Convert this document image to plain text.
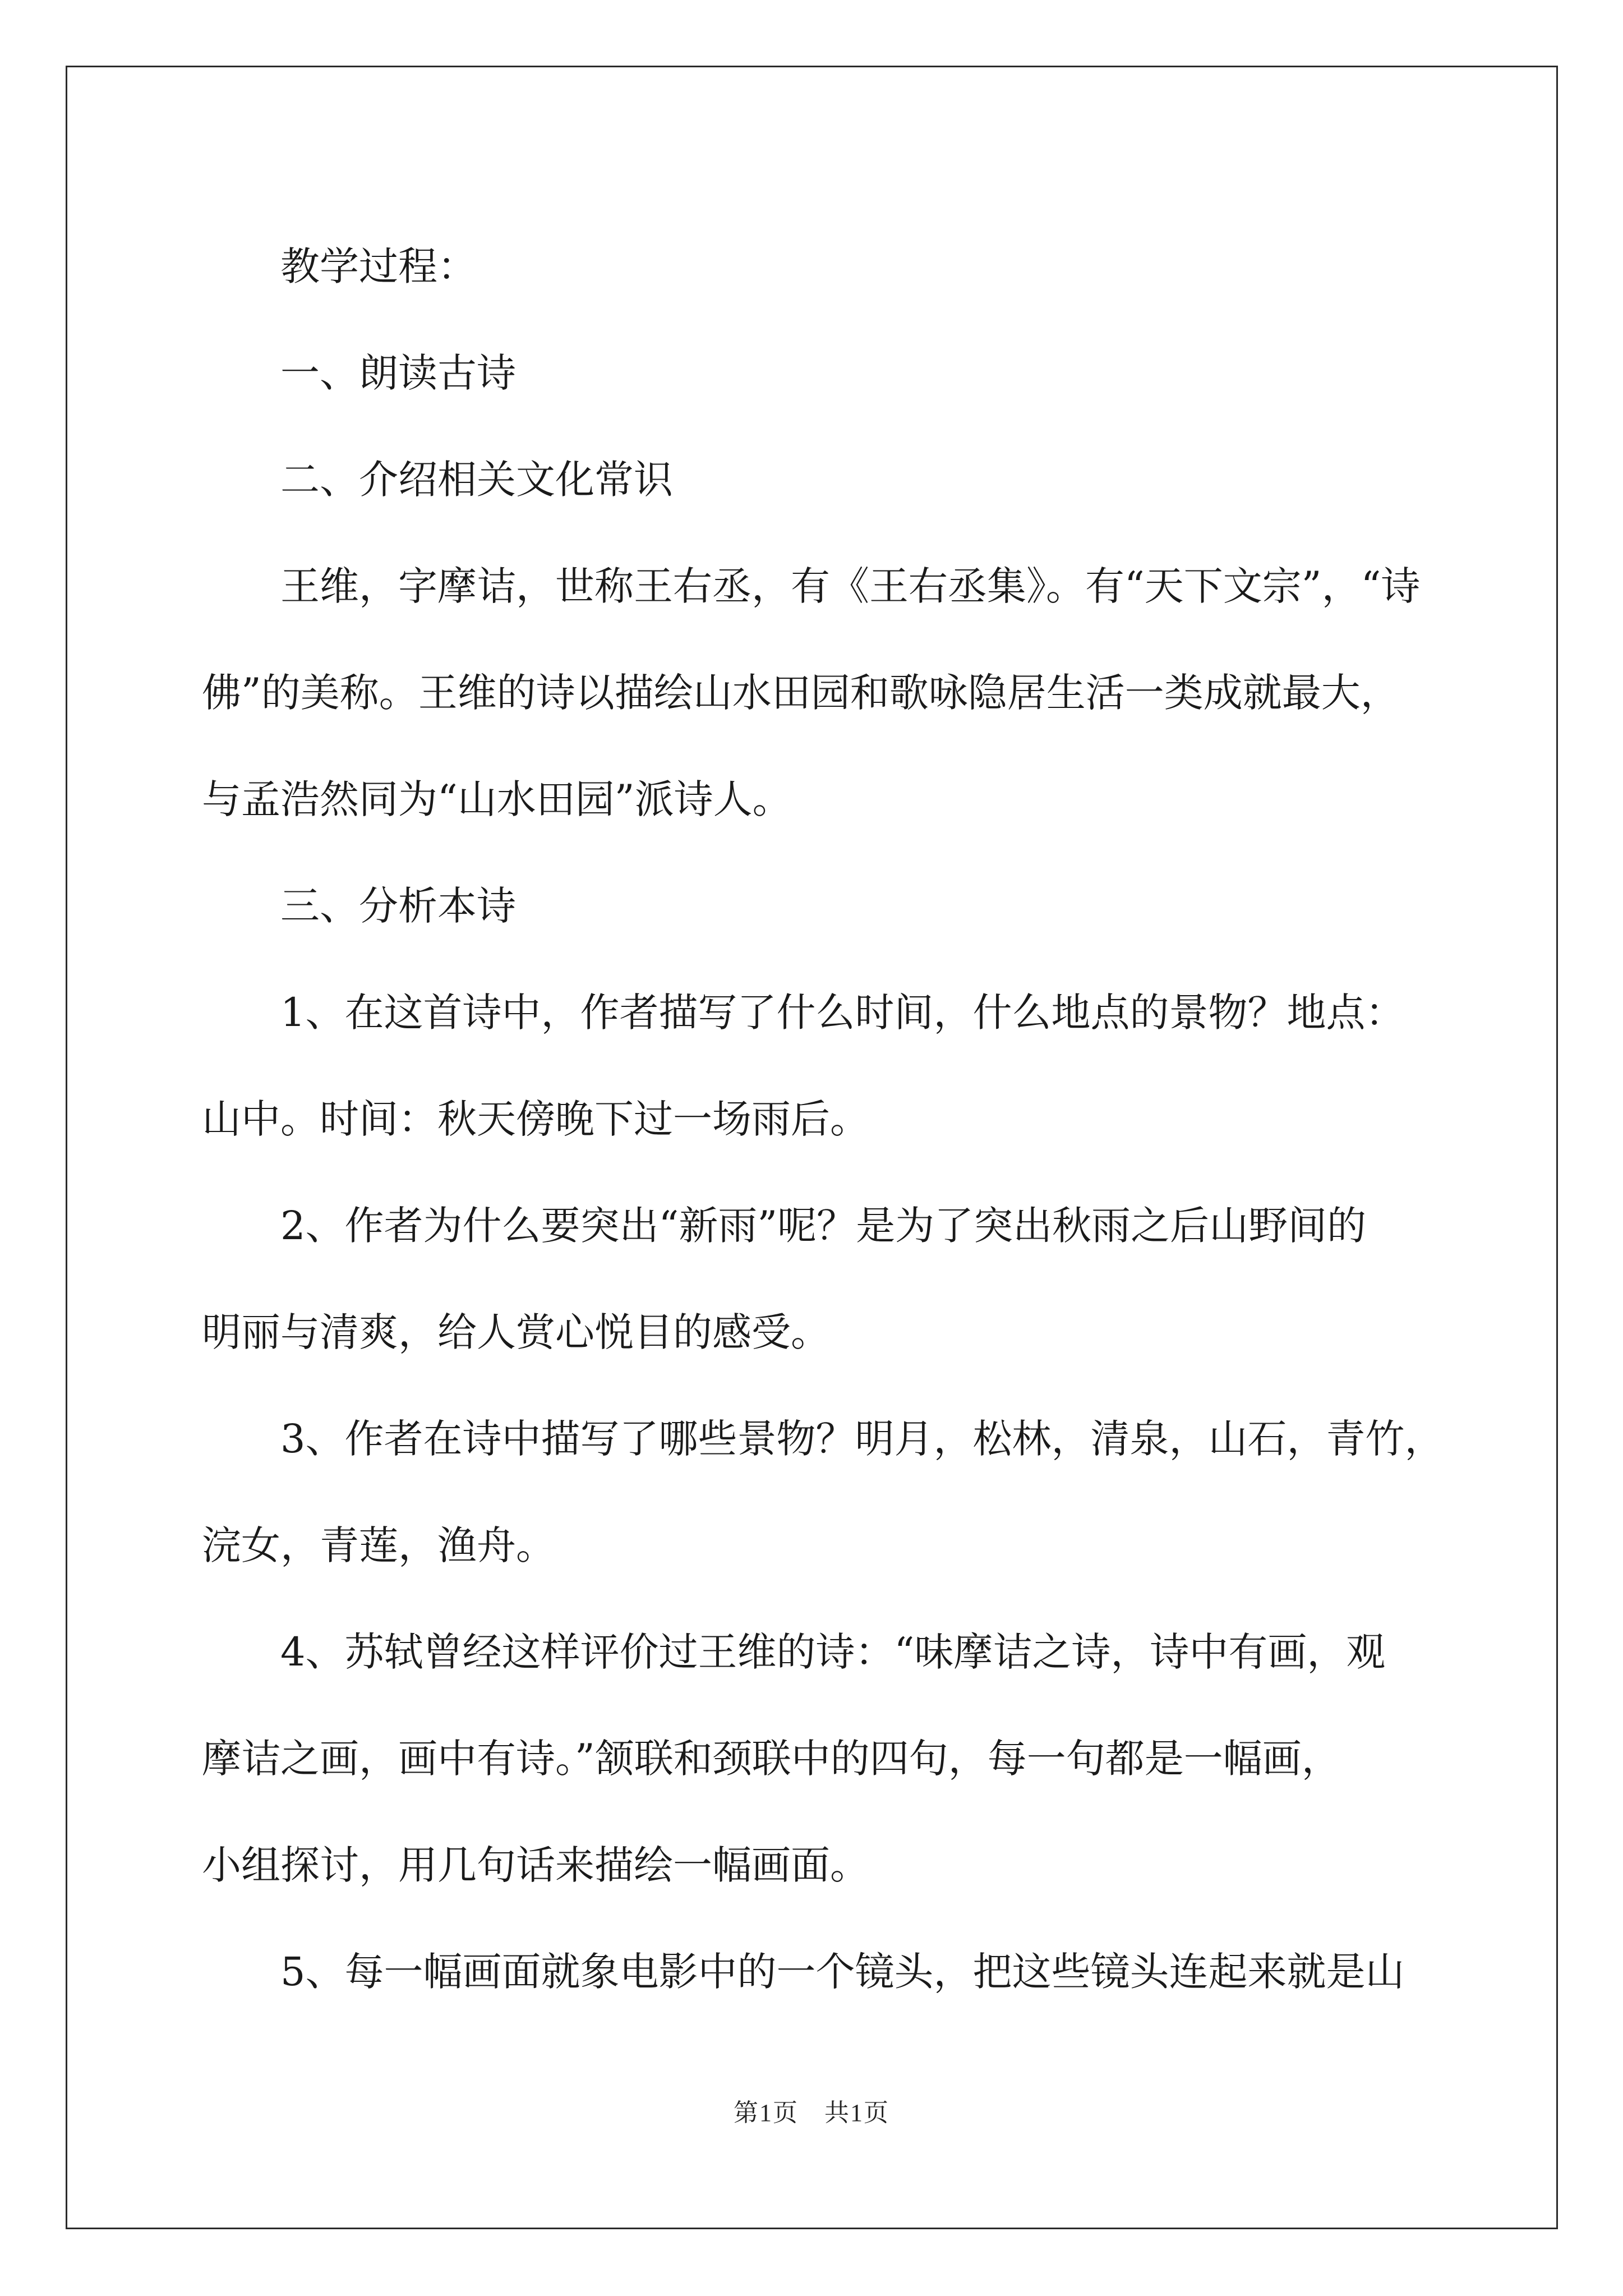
教学过程：
一、朗读古诗
二、介绍相关文化常识
王维，字摩诘，世称王右丞，有《王右丞集》。有“天下文宗”，“诗
佛”的美称。王维的诗以描绘山水田园和歌咏隐居生活一类成就最大，
与孟浩然同为“山水田园”派诗人。
三、分析本诗
1、在这首诗中，作者描写了什么时间，什么地点的景物？地点：
山中。时间：秋天傍晚下过一场雨后。
2、作者为什么要突出“新雨”呢？是为了突出秋雨之后山野间的
明丽与清爽，给人赏心悦目的感受。
3、作者在诗中描写了哪些景物？明月，松林，清泉，山石，青竹，
浣女，青莲，渔舟。
4、苏轼曾经这样评价过王维的诗：“味摩诘之诗，诗中有画，观
摩诘之画，画中有诗。”颔联和颈联中的四句，每一句都是一幅画，
小组探讨，用几句话来描绘一幅画面。
5、每一幅画面就象电影中的一个镜头，把这些镜头连起来就是山
第1页　共1页
